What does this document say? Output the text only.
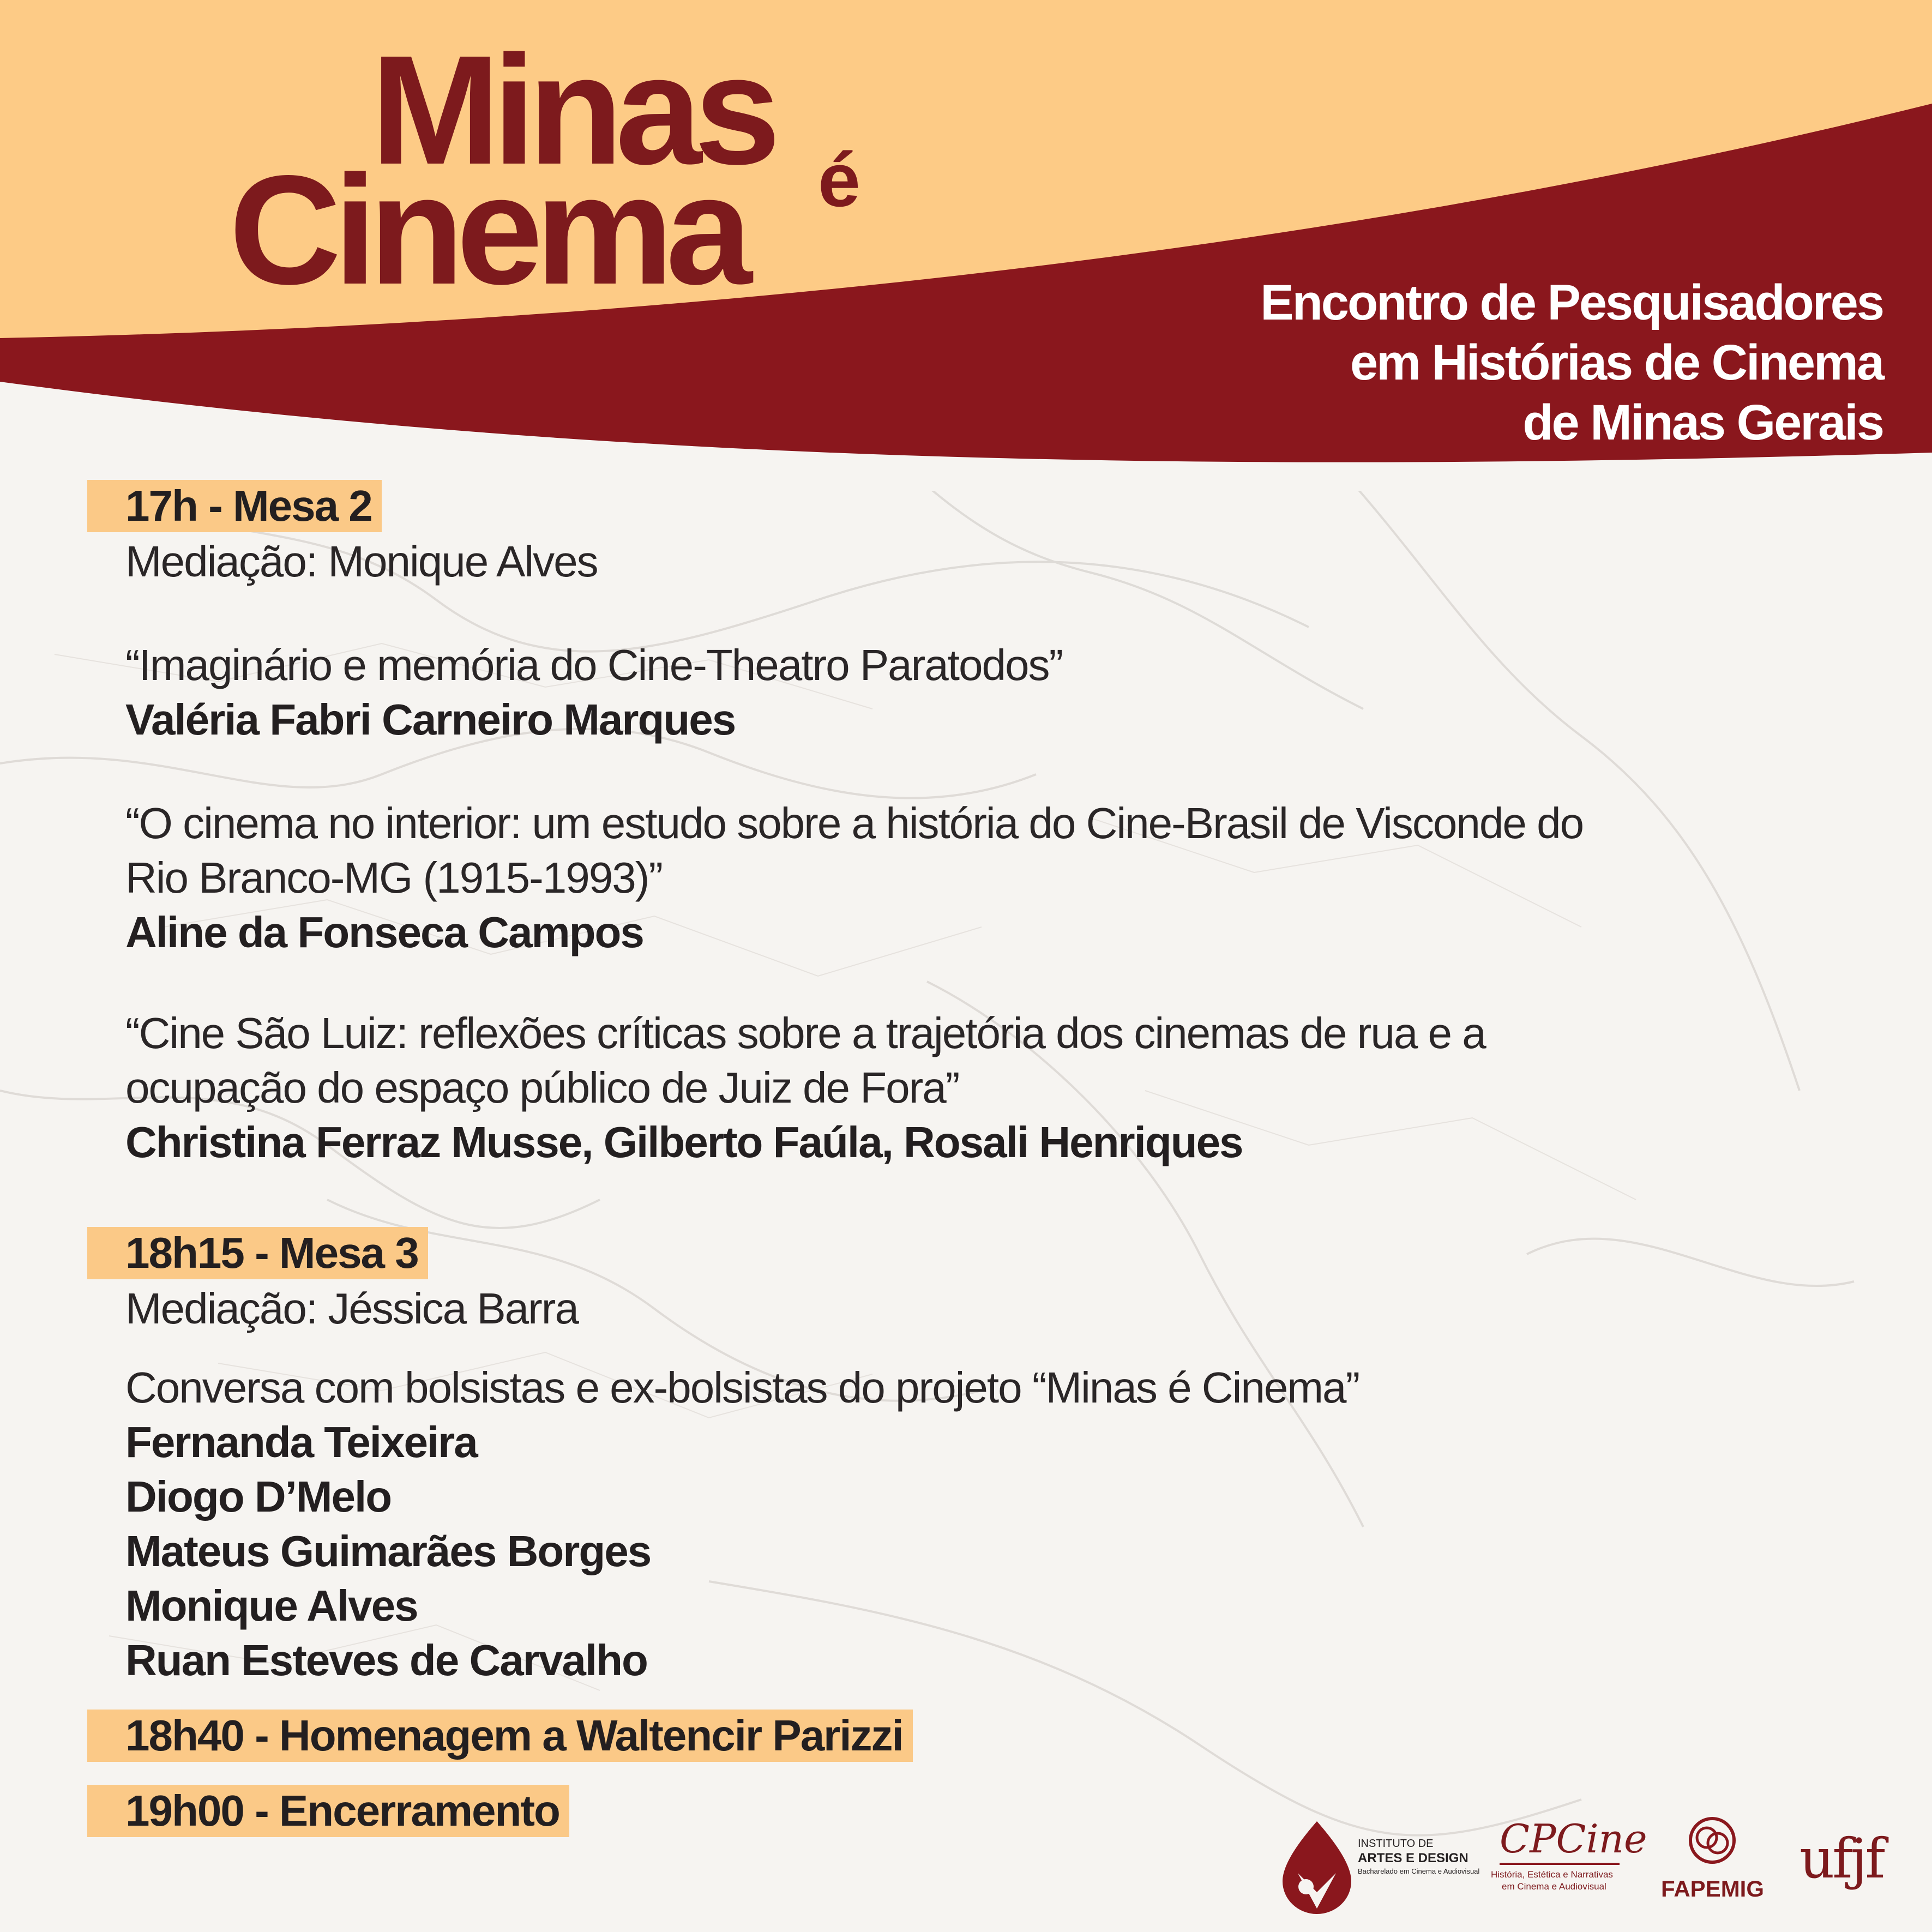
Minas
Cinema é
Encontro de Pesquisadores
em Histórias de Cinema
de Minas Gerais
17h - Mesa 2
Mediação: Monique Alves
“Imaginário e memória do Cine-Theatro Paratodos”
Valéria Fabri Carneiro Marques
“O cinema no interior: um estudo sobre a história do Cine-Brasil de Visconde do
Rio Branco-MG (1915-1993)”
Aline da Fonseca Campos
“Cine São Luiz: reflexões críticas sobre a trajetória dos cinemas de rua e a
ocupação do espaço público de Juiz de Fora”
Christina Ferraz Musse, Gilberto Faúla, Rosali Henriques
18h15 - Mesa 3
Mediação: Jéssica Barra
Conversa com bolsistas e ex-bolsistas do projeto “Minas é Cinema”
Fernanda Teixeira
Diogo D’Melo
Mateus Guimarães Borges
Monique Alves
Ruan Esteves de Carvalho
18h40 - Homenagem a Waltencir Parizzi
19h00 - Encerramento
INSTITUTO DE
ARTES E DESIGN
Bacharelado em Cinema e Audiovisual
CPCine
História, Estética e Narrativas
em Cinema e Audiovisual FAPEMIG ufjf
